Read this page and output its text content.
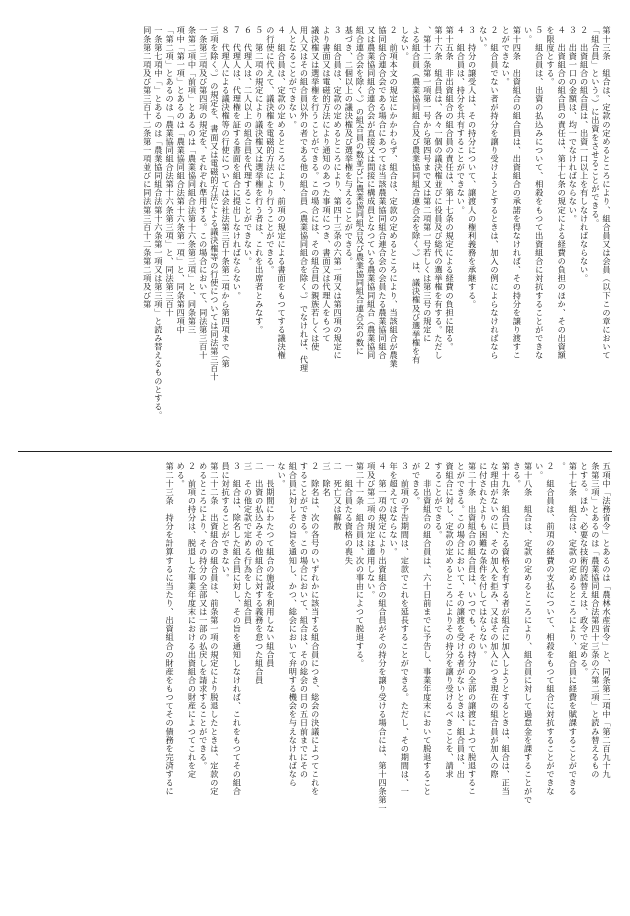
第十三条　組合は、定款の定めるところにより、組合員又は会員（以下この章において
「組合員」という。）に出資をさせることができる。
２　出資組合の組合員は、出資一口以上を有しなければならない。
３　出資一口の金額は、均一でなければならない。
４　出資組合の組合員の責任は、第十七条の規定による経費の負担のほか、その出資額
を限度とする。
５　組合員は、出資の払込みについて、相殺をもつて出資組合に対抗することができな
い。
第十四条　出資組合の組合員は、出資組合の承諾を得なければ、その持分を譲り渡すこ
とができない。
２　組合員でない者が持分を譲り受けようとするときは、加入の例によらなければなら
ない。
３　持分の譲受人は、その持分について、譲渡人の権利義務を承継する。
４　組合員は、持分を共有することができない。
第十五条　非出資組合の組合員の責任は、第十七条の規定による経費の負担に限る。
第十六条　組合員は、各々一個の議決権並びに役員及び総代の選挙権を有する。ただし
、第十二条第一項第一号から第四号まで又は第二項第一号若しくは第三号の規定に
よる組合員（農業協同組合及び農業協同組合連合会を除く。）は、議決権及び選挙権を有
しない。
２　前項本文の規定にかかわらず、組合は、定款の定めるところにより、当該組合が農業
協同組合連合会である場合にあつては当該農業協同組合連合会の会員たる農業協同組合
又は農業協同組合連合会が直接又は間接に構成員となつている農業協同組合（農業協同
組合連合会を除く。）の組合員の数並びに農業協同組合及び農業協同組合連合会の数に
基づき、二個以上の議決権及び選挙権を与えることができる。
３　組合員は、定款の定めるところにより、第四十三条の六第一項又は第四項の規定に
より書面又は電磁的方法により通知のあつた事項につき、書面又は代理人をもつて
議決権又は選挙権を行うことができる。この場合には、その組合員の親族若しくは使
用人又はその組合員以外の者である他の組合員（農業協同組合を除く。）でなければ、代理
人となることができない。
４　組合員は、定款の定めるところにより、前項の規定による書面をもつてする議決権
の行使に代えて、議決権を電磁的方法により行うことができる。
５　第二項の規定により議決権又は選挙権を行う者は、これを出席者とみなす。
６　代理人は、二人以上の組合員を代理することができない。
７　代理人は、代理権を証する書面を組合に提出しなければならない。
８　代理人による議決権等の行使については会社法第三百十条第二項から第四項まで（第
三項を除く。）の規定を、書面又は電磁的方法による議決権等の行使については同法第三百十
一条第三項及び第四項の規定を、それぞれ準用する。この場合において、同法第三百十
条第二項中「前項」とあるのは「農業協同組合法第十六条第三項」と、同条第三
項中「第一項」とあるのは「農業協同組合法第十六条第一項」と、同条第四項中
「第二項」とあるのは「農業協同組合法第十六条第三項」と、同法第三百十
一条第七項中「」とあるのは「農業協同組合法第十六条第一項又は第三項」と読み替えるものとする。
同条第二項及び第三百十二条第一項並びに同法第三百十二条第二項及び第
五項中「法務省令」とあるのは「農林水産省令」と、同条第二項中「第二百九十九
条第三項」とあるのは「農業協同組合法第四十三条の六第二項」と読み替えるもの
とする。ほか、必要な技術的読替えは、政令で定める。
第十七条　組合は、定款の定めるところにより、組合員に経費を賦課することができる
。
２　組合員は、前項の経費の支払について、相殺をもつて組合に対抗することができな
い。
第十八条　組合は、定款の定めるところにより、組合員に対して過怠金を課することがで
きる。
第十九条　組合員たる資格を有する者が組合に加入しようとするときは、組合は、正当
な理由がないのに、その加入を拒み、又はその加入につき現在の組合員が加入の際
に付されたよりも困難な条件を付してはならない。
第二十条　出資組合の組合員は、いつでも、その持分の全部の譲渡によつて脱退するこ
とができる。この場合において、その譲渡を受ける者がないときは、組合員は、出
資組合に対し、定款の定めるところによりその持分を譲り受けるべきことを、請求
することができる。
２　非出資組合の組合員は、六十日前までに予告し、事業年度末において脱退すること
ができる。
３　前項の予告期間は、定款でこれを延長することができる。ただし、その期間は、一
年を超えてはならない。
４　第一項の規定により出資組合の組合員がその持分を譲り受ける場合には、第十四条第一
項及び第二項の規定は適用しない。
第二十一条　組合員は、次の事由によつて脱退する。
一　組合員たる資格の喪失
二　死亡又は解散
三　除名
２　除名は、次の各号のいずれかに該当する組合員につき、総会の決議によつてこれを
することができる。この場合において、組合は、その総会の日の五日前までにその
組合員に対しその旨を通知し、かつ、総会において弁明する機会を与えなければなら
ない。
一　長期間にわたつて組合の施設を利用しない組合員
二　出資の払込みその他組合に対する義務を怠つた組合員
三　その他定款で定める行為をした組合員
３　組合は、除名した組合員に対し、その旨を通知しなければ、これをもつてその組合
員に対抗することができない。
第二十二条　出資組合の組合員は、前条第一項の規定により脱退したときは、定款の定
めるところにより、その持分の全部又は一部の払戻しを請求することができる。
２　前項の持分は、脱退した事業年度末における出資組合の財産によつてこれを定
める。
第二十三条　持分を計算するに当たり、出資組合の財産をもつてその債務を完済するに
